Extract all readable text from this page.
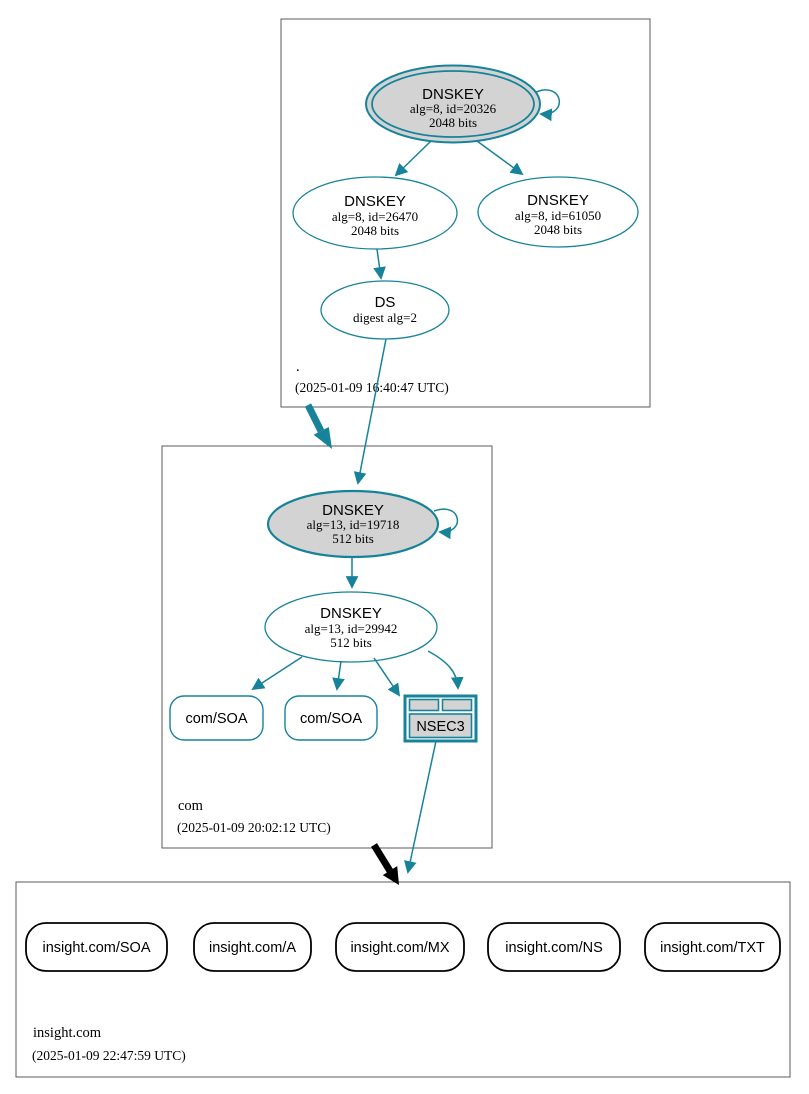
.
(2025-01-09 16:40:47 UTC)
com
(2025-01-09 20:02:12 UTC)
insight.com
(2025-01-09 22:47:59 UTC)
DNSKEY
alg=8, id=20326
2048 bits
DNSKEY
alg=8, id=26470
2048 bits
DNSKEY
alg=8, id=61050
2048 bits
DS
digest alg=2
DNSKEY
alg=13, id=19718
512 bits
DNSKEY
alg=13, id=29942
512 bits
com/SOA	com/SOA	NSEC3
insight.com/SOA	insight.com/A	insight.com/MX	insight.com/NS	insight.com/TXT
